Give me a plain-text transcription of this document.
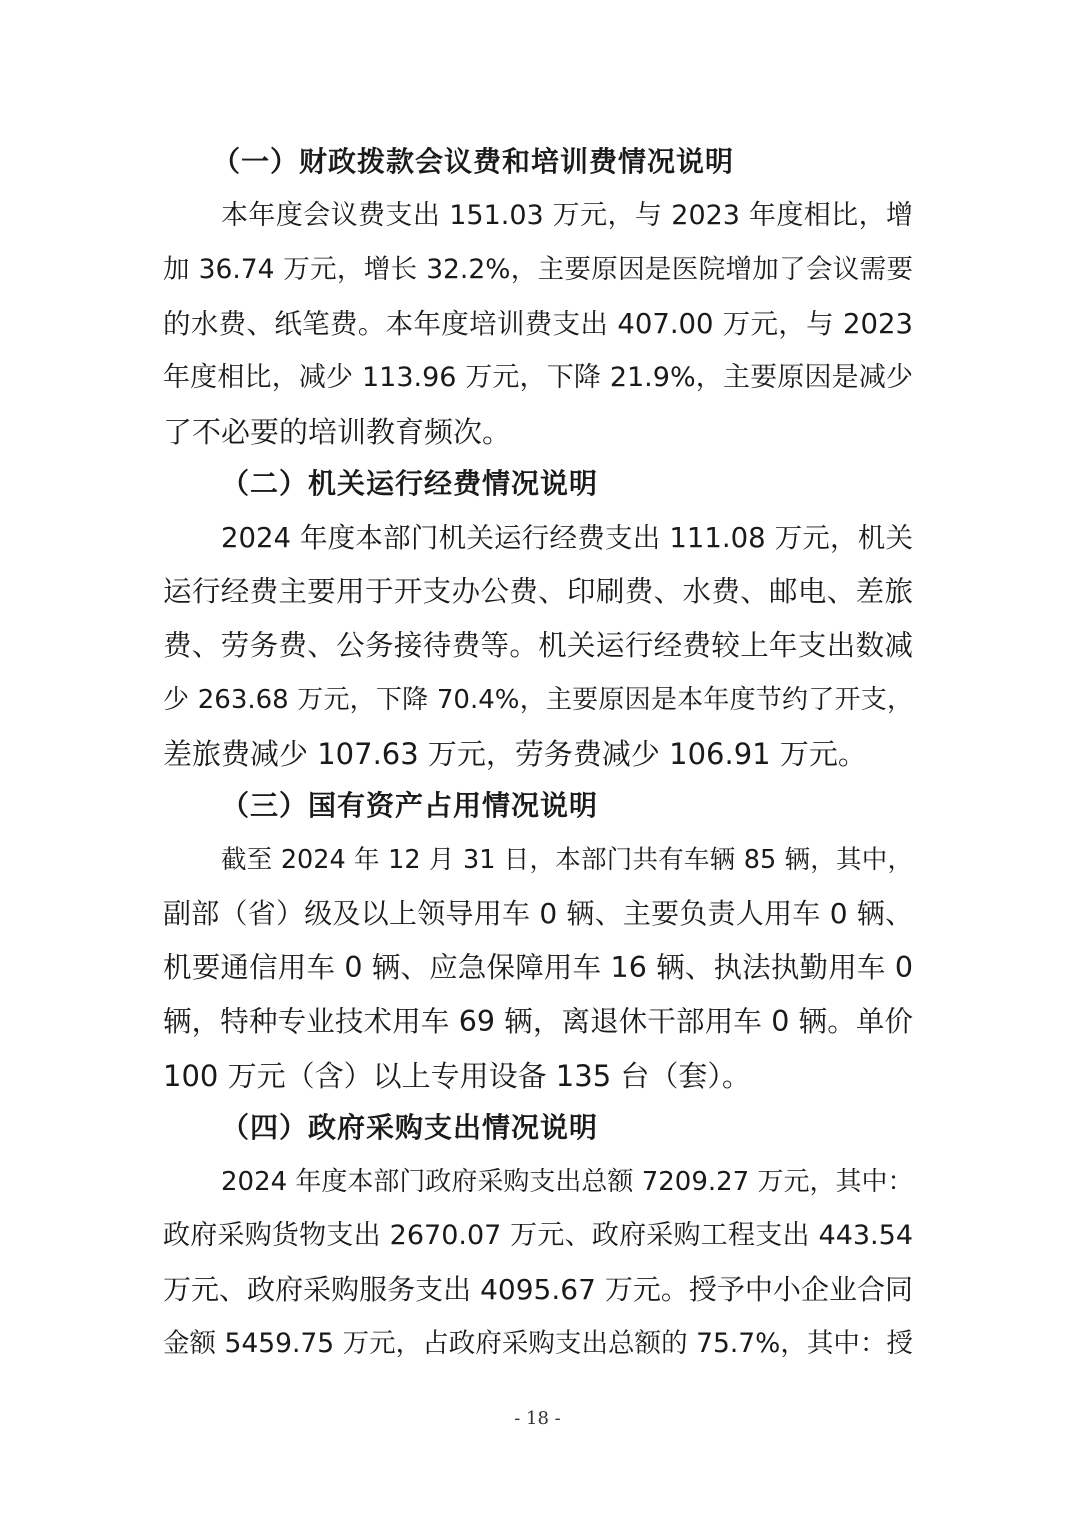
（一）财政拨款会议费和培训费情况说明
本年度会议费支出 151.03 万元，与 2023 年度相比，增
加 36.74 万元，增长 32.2%，主要原因是医院增加了会议需要
的水费、纸笔费。本年度培训费支出 407.00 万元，与 2023
年度相比，减少 113.96 万元，下降 21.9%，主要原因是减少
了不必要的培训教育频次。
（二）机关运行经费情况说明
2024 年度本部门机关运行经费支出 111.08 万元，机关
运行经费主要用于开支办公费、印刷费、水费、邮电、差旅
费、劳务费、公务接待费等。机关运行经费较上年支出数减
少 263.68 万元，下降 70.4%，主要原因是本年度节约了开支，
差旅费减少 107.63 万元，劳务费减少 106.91 万元。
（三）国有资产占用情况说明
截至 2024 年 12 月 31 日，本部门共有车辆 85 辆，其中，
副部（省）级及以上领导用车 0 辆、主要负责人用车 0 辆、
机要通信用车 0 辆、应急保障用车 16 辆、执法执勤用车 0
辆，特种专业技术用车 69 辆，离退休干部用车 0 辆。单价
100 万元（含）以上专用设备 135 台（套）。
（四）政府采购支出情况说明
2024 年度本部门政府采购支出总额 7209.27 万元，其中：
政府采购货物支出 2670.07 万元、政府采购工程支出 443.54
万元、政府采购服务支出 4095.67 万元。授予中小企业合同
金额 5459.75 万元，占政府采购支出总额的 75.7%，其中：授
- 18 -
